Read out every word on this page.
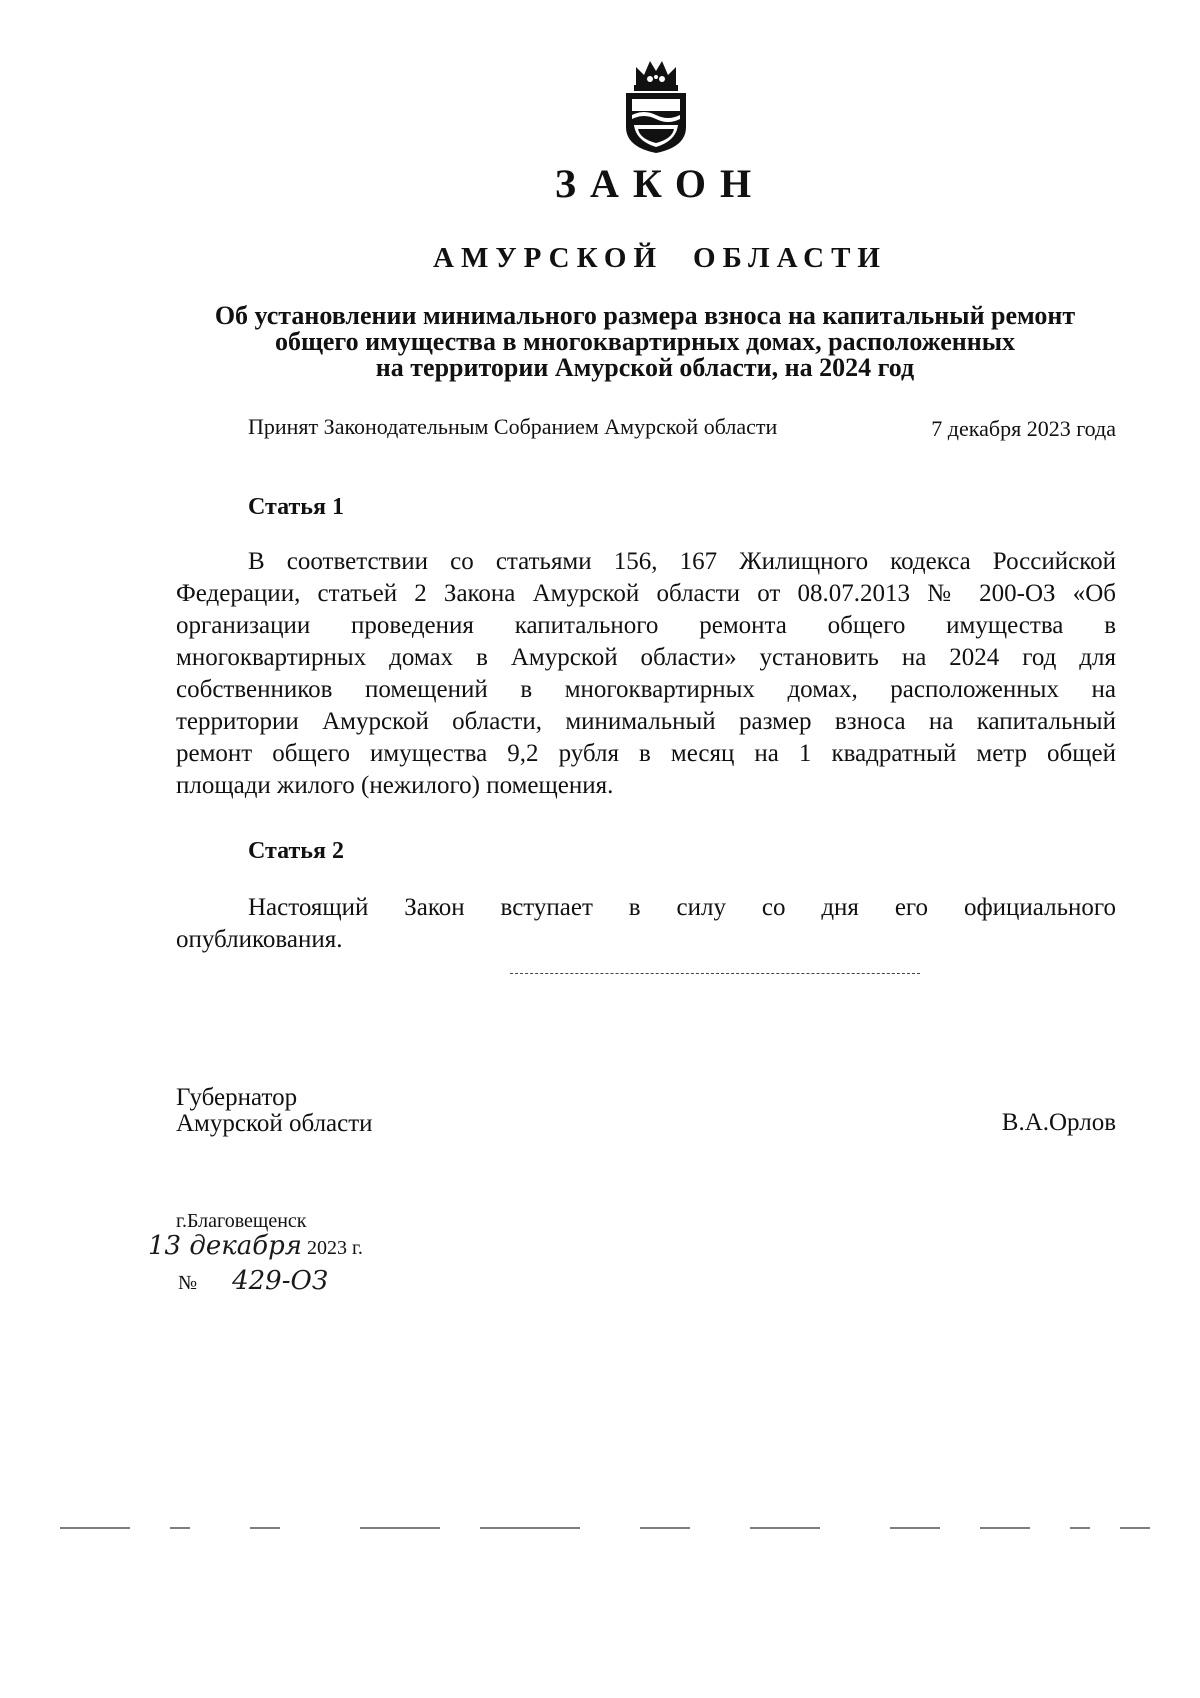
ЗАКОН
АМУРСКОЙ ОБЛАСТИ
Об установлении минимального размера взноса на капитальный ремонт
общего имущества в многоквартирных домах, расположенных
на территории Амурской области, на 2024 год
Принят Законодательным Собранием Амурской области	7 декабря 2023 года
Статья 1
В соответствии со статьями 156, 167 Жилищного кодекса Российской
Федерации, статьей 2 Закона Амурской области от 08.07.2013 № 200-ОЗ «Об
организации проведения капитального ремонта общего имущества в
многоквартирных домах в Амурской области» установить на 2024 год для
собственников помещений в многоквартирных домах, расположенных на
территории Амурской области, минимальный размер взноса на капитальный
ремонт общего имущества 9,2 рубля в месяц на 1 квадратный метр общей
площади жилого (нежилого) помещения.
Статья 2
Настоящий Закон вступает в силу со дня его официального
опубликования.
Губернатор
Амурской области	В.А.Орлов
г.Благовещенск
13 декабря 2023 г.
№ 429-ОЗ
